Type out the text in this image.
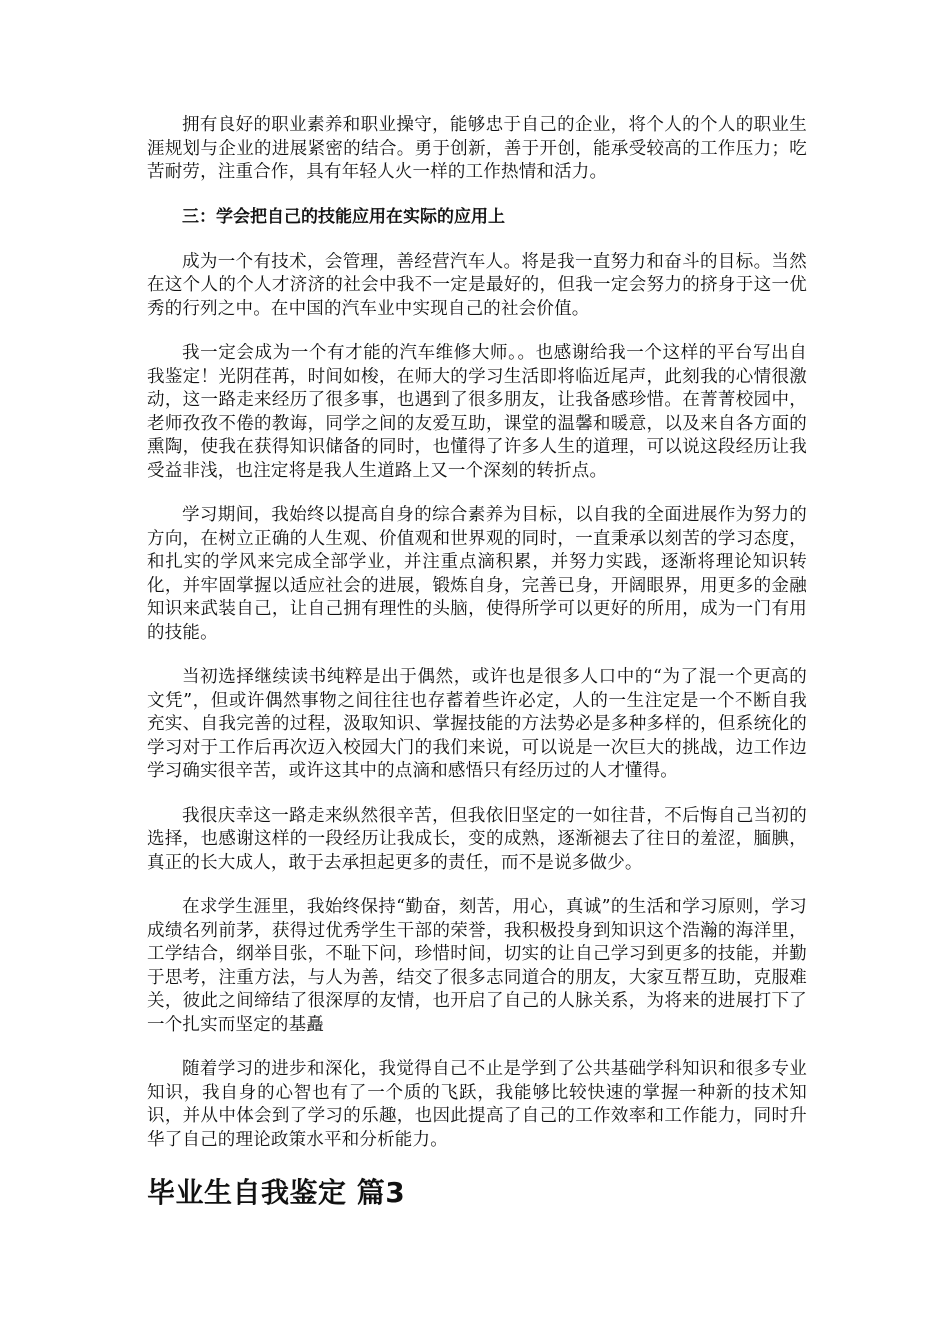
拥有良好的职业素养和职业操守，能够忠于自己的企业，将个人的个人的职业生涯规划与企业的进展紧密的结合。勇于创新，善于开创，能承受较高的工作压力；吃苦耐劳，注重合作，具有年轻人火一样的工作热情和活力。

三：学会把自己的技能应用在实际的应用上

成为一个有技术，会管理，善经营汽车人。将是我一直努力和奋斗的目标。当然在这个人的个人才济济的社会中我不一定是最好的，但我一定会努力的挤身于这一优秀的行列之中。在中国的汽车业中实现自己的社会价值。

我一定会成为一个有才能的汽车维修大师。。也感谢给我一个这样的平台写出自我鉴定！光阴荏苒，时间如梭，在师大的学习生活即将临近尾声，此刻我的心情很激动，这一路走来经历了很多事，也遇到了很多朋友，让我备感珍惜。在菁菁校园中，老师孜孜不倦的教诲，同学之间的友爱互助，课堂的温馨和暖意，以及来自各方面的熏陶，使我在获得知识储备的同时，也懂得了许多人生的道理，可以说这段经历让我受益非浅，也注定将是我人生道路上又一个深刻的转折点。

学习期间，我始终以提高自身的综合素养为目标，以自我的全面进展作为努力的方向，在树立正确的人生观、价值观和世界观的同时，一直秉承以刻苦的学习态度，和扎实的学风来完成全部学业，并注重点滴积累，并努力实践，逐渐将理论知识转化，并牢固掌握以适应社会的进展，锻炼自身，完善已身，开阔眼界，用更多的金融知识来武装自己，让自己拥有理性的头脑，使得所学可以更好的所用，成为一门有用的技能。

当初选择继续读书纯粹是出于偶然，或许也是很多人口中的“为了混一个更高的文凭”，但或许偶然事物之间往往也存蓄着些许必定，人的一生注定是一个不断自我充实、自我完善的过程，汲取知识、掌握技能的方法势必是多种多样的，但系统化的学习对于工作后再次迈入校园大门的我们来说，可以说是一次巨大的挑战，边工作边学习确实很辛苦，或许这其中的点滴和感悟只有经历过的人才懂得。

我很庆幸这一路走来纵然很辛苦，但我依旧坚定的一如往昔，不后悔自己当初的选择，也感谢这样的一段经历让我成长，变的成熟，逐渐褪去了往日的羞涩，腼腆，真正的长大成人，敢于去承担起更多的责任，而不是说多做少。

在求学生涯里，我始终保持“勤奋，刻苦，用心，真诚”的生活和学习原则，学习成绩名列前茅，获得过优秀学生干部的荣誉，我积极投身到知识这个浩瀚的海洋里，工学结合，纲举目张，不耻下问，珍惜时间，切实的让自己学习到更多的技能，并勤于思考，注重方法，与人为善，结交了很多志同道合的朋友，大家互帮互助，克服难关，彼此之间缔结了很深厚的友情，也开启了自己的人脉关系，为将来的进展打下了一个扎实而坚定的基矗

随着学习的进步和深化，我觉得自己不止是学到了公共基础学科知识和很多专业知识，我自身的心智也有了一个质的飞跃，我能够比较快速的掌握一种新的技术知识，并从中体会到了学习的乐趣，也因此提高了自己的工作效率和工作能力，同时升华了自己的理论政策水平和分析能力。

毕业生自我鉴定 篇3
